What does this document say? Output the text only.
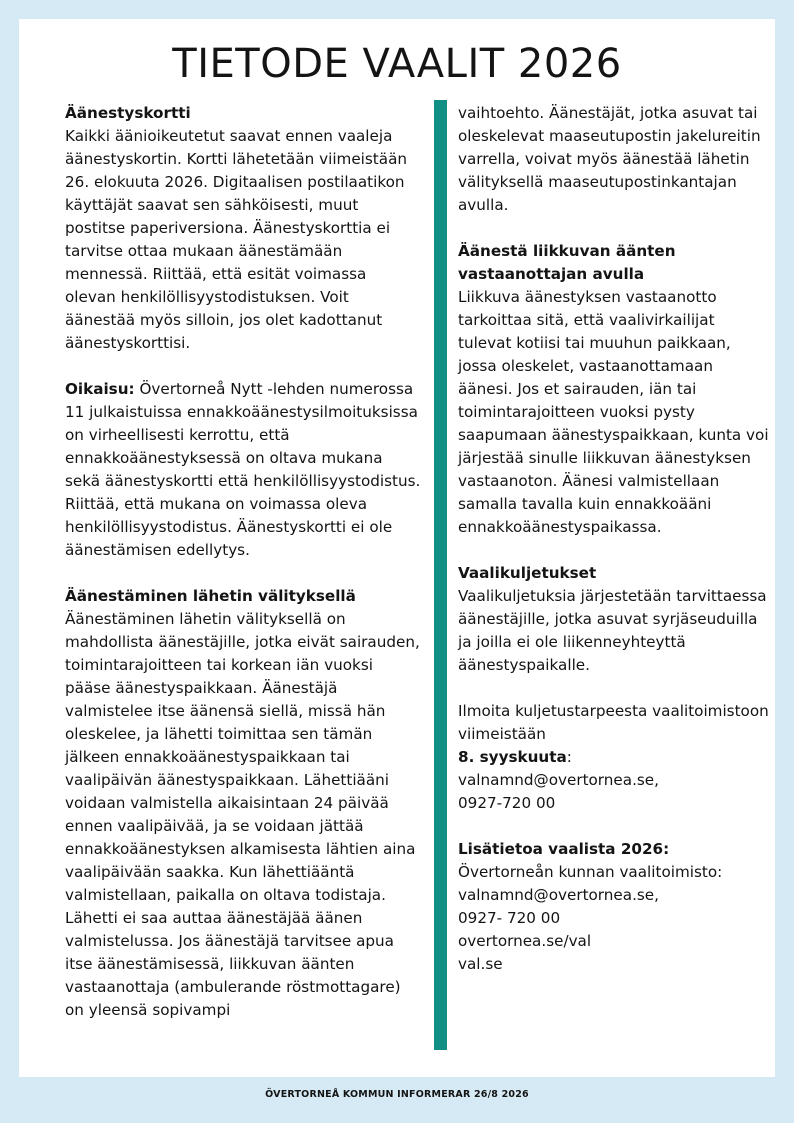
TIETODE VAALIT 2026
Äänestyskortti

Kaikki äänioikeutetut saavat ennen vaaleja äänestyskortin. Kortti lähetetään viimeistään 26. elokuuta 2026. Digitaalisen postilaatikon käyttäjät saavat sen sähköisesti, muut postitse paperiversiona. Äänestyskorttia ei tarvitse ottaa mukaan äänestämään mennessä. Riittää, että esität voimassa olevan henkilöllisyystodistuksen. Voit äänestää myös silloin, jos olet kadottanut äänestyskorttisi.

Oikaisu: Övertorneå Nytt -lehden numerossa 11 julkaistuissa ennakkoäänestysilmoituksissa on virheellisesti kerrottu, että ennakkoäänestyksessä on oltava mukana sekä äänestyskortti että henkilöllisyystodistus. Riittää, että mukana on voimassa oleva henkilöllisyystodistus. Äänestyskortti ei ole äänestämisen edellytys.

Äänestäminen lähetin välityksellä

Äänestäminen lähetin välityksellä on mahdollista äänestäjille, jotka eivät sairauden, toimintarajoitteen tai korkean iän vuoksi pääse äänestyspaikkaan. Äänestäjä valmistelee itse äänensä siellä, missä hän oleskelee, ja lähetti toimittaa sen tämän jälkeen ennakkoäänestyspaikkaan tai vaalipäivän äänestyspaikkaan. Lähettiääni voidaan valmistella aikaisintaan 24 päivää ennen vaalipäivää, ja se voidaan jättää ennakkoäänestyksen alkamisesta lähtien aina vaalipäivään saakka. Kun lähettiääntä valmistellaan, paikalla on oltava todistaja. Lähetti ei saa auttaa äänestäjää äänen valmistelussa. Jos äänestäjä tarvitsee apua itse äänestämisessä, liikkuvan äänten vastaanottaja (ambulerande röstmottagare) on yleensä sopivampi

vaihtoehto. Äänestäjät, jotka asuvat tai oleskelevat maaseutupostin jakelureitin varrella, voivat myös äänestää lähetin välityksellä maaseutupostinkantajan avulla.

Äänestä liikkuvan äänten vastaanottajan avulla

Liikkuva äänestyksen vastaanotto tarkoittaa sitä, että vaalivirkailijat tulevat kotiisi tai muuhun paikkaan, jossa oleskelet, vastaanottamaan äänesi. Jos et sairauden, iän tai toimintarajoitteen vuoksi pysty saapumaan äänestyspaikkaan, kunta voi järjestää sinulle liikkuvan äänestyksen vastaanoton. Äänesi valmistellaan samalla tavalla kuin ennakkoääni ennakkoäänestyspaikassa.

Vaalikuljetukset

Vaalikuljetuksia järjestetään tarvittaessa äänestäjille, jotka asuvat syrjäseuduilla ja joilla ei ole liikenneyhteyttä äänestyspaikalle.

Ilmoita kuljetustarpeesta vaalitoimistoon viimeistään

8. syyskuuta:

valnamnd@overtornea.se,

0927-720 00

Lisätietoa vaalista 2026:

Övertorneån kunnan vaalitoimisto:

valnamnd@overtornea.se,

0927- 720 00

overtornea.se/val

val.se

ÖVERTORNEÅ KOMMUN INFORMERAR 26/8 2026
